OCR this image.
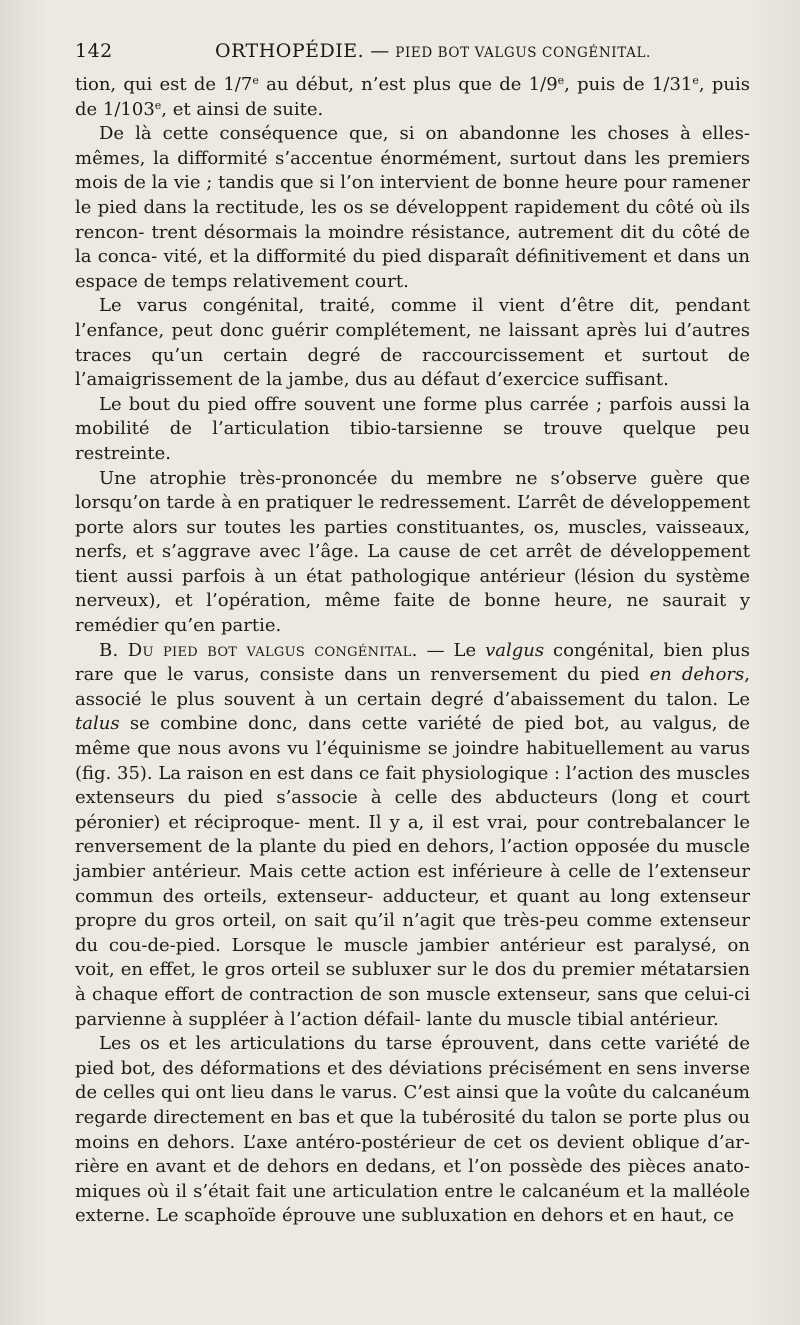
142	ORTHOPÉDIE. — PIED BOT VALGUS CONGÉNITAL.

tion, qui est de 1/7e au début, n’est plus que de 1/9e, puis de 1/31e, puis de 1/103e, et ainsi de suite.

De là cette conséquence que, si on abandonne les choses à elles-mêmes, la difformité s’accentue énormément, surtout dans les premiers mois de la vie ; tandis que si l’on intervient de bonne heure pour ramener le pied dans la rectitude, les os se développent rapidement du côté où ils rencon- trent désormais la moindre résistance, autrement dit du côté de la conca- vité, et la difformité du pied disparaît définitivement et dans un espace de temps relativement court.

Le varus congénital, traité, comme il vient d’être dit, pendant l’enfance, peut donc guérir complétement, ne laissant après lui d’autres traces qu’un certain degré de raccourcissement et surtout de l’amaigrissement de la jambe, dus au défaut d’exercice suffisant.

Le bout du pied offre souvent une forme plus carrée ; parfois aussi la mobilité de l’articulation tibio-tarsienne se trouve quelque peu restreinte.

Une atrophie très-prononcée du membre ne s’observe guère que lorsqu’on tarde à en pratiquer le redressement. L’arrêt de développement porte alors sur toutes les parties constituantes, os, muscles, vaisseaux, nerfs, et s’aggrave avec l’âge. La cause de cet arrêt de développement tient aussi parfois à un état pathologique antérieur (lésion du système nerveux), et l’opération, même faite de bonne heure, ne saurait y remédier qu’en partie.

B. Du pied bot valgus congénital. — Le valgus congénital, bien plus rare que le varus, consiste dans un renversement du pied en dehors, associé le plus souvent à un certain degré d’abaissement du talon. Le talus se combine donc, dans cette variété de pied bot, au valgus, de même que nous avons vu l’équinisme se joindre habituellement au varus (fig. 35). La raison en est dans ce fait physiologique : l’action des muscles extenseurs du pied s’associe à celle des abducteurs (long et court péronier) et réciproque- ment. Il y a, il est vrai, pour contrebalancer le renversement de la plante du pied en dehors, l’action opposée du muscle jambier antérieur. Mais cette action est inférieure à celle de l’extenseur commun des orteils, extenseur- adducteur, et quant au long extenseur propre du gros orteil, on sait qu’il n’agit que très-peu comme extenseur du cou-de-pied. Lorsque le muscle jambier antérieur est paralysé, on voit, en effet, le gros orteil se subluxer sur le dos du premier métatarsien à chaque effort de contraction de son muscle extenseur, sans que celui-ci parvienne à suppléer à l’action défail- lante du muscle tibial antérieur.

Les os et les articulations du tarse éprouvent, dans cette variété de pied bot, des déformations et des déviations précisément en sens inverse de celles qui ont lieu dans le varus. C’est ainsi que la voûte du calcanéum regarde directement en bas et que la tubérosité du talon se porte plus ou moins en dehors. L’axe antéro-postérieur de cet os devient oblique d’ar- rière en avant et de dehors en dedans, et l’on possède des pièces anato- miques où il s’était fait une articulation entre le calcanéum et la malléole externe. Le scaphoïde éprouve une subluxation en dehors et en haut, ce
